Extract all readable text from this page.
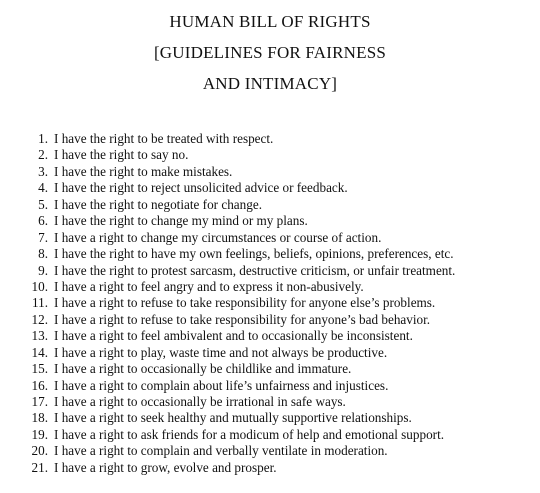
HUMAN BILL OF RIGHTS
[GUIDELINES FOR FAIRNESS
AND INTIMACY]
1. I have the right to be treated with respect.
2. I have the right to say no.
3. I have the right to make mistakes.
4. I have the right to reject unsolicited advice or feedback.
5. I have the right to negotiate for change.
6. I have the right to change my mind or my plans.
7. I have a right to change my circumstances or course of action.
8. I have the right to have my own feelings, beliefs, opinions, preferences, etc.
9. I have the right to protest sarcasm, destructive criticism, or unfair treatment.
10. I have a right to feel angry and to express it non-abusively.
11. I have a right to refuse to take responsibility for anyone else’s problems.
12. I have a right to refuse to take responsibility for anyone’s bad behavior.
13. I have a right to feel ambivalent and to occasionally be inconsistent.
14. I have a right to play, waste time and not always be productive.
15. I have a right to occasionally be childlike and immature.
16. I have a right to complain about life’s unfairness and injustices.
17. I have a right to occasionally be irrational in safe ways.
18. I have a right to seek healthy and mutually supportive relationships.
19. I have a right to ask friends for a modicum of help and emotional support.
20. I have a right to complain and verbally ventilate in moderation.
21. I have a right to grow, evolve and prosper.
